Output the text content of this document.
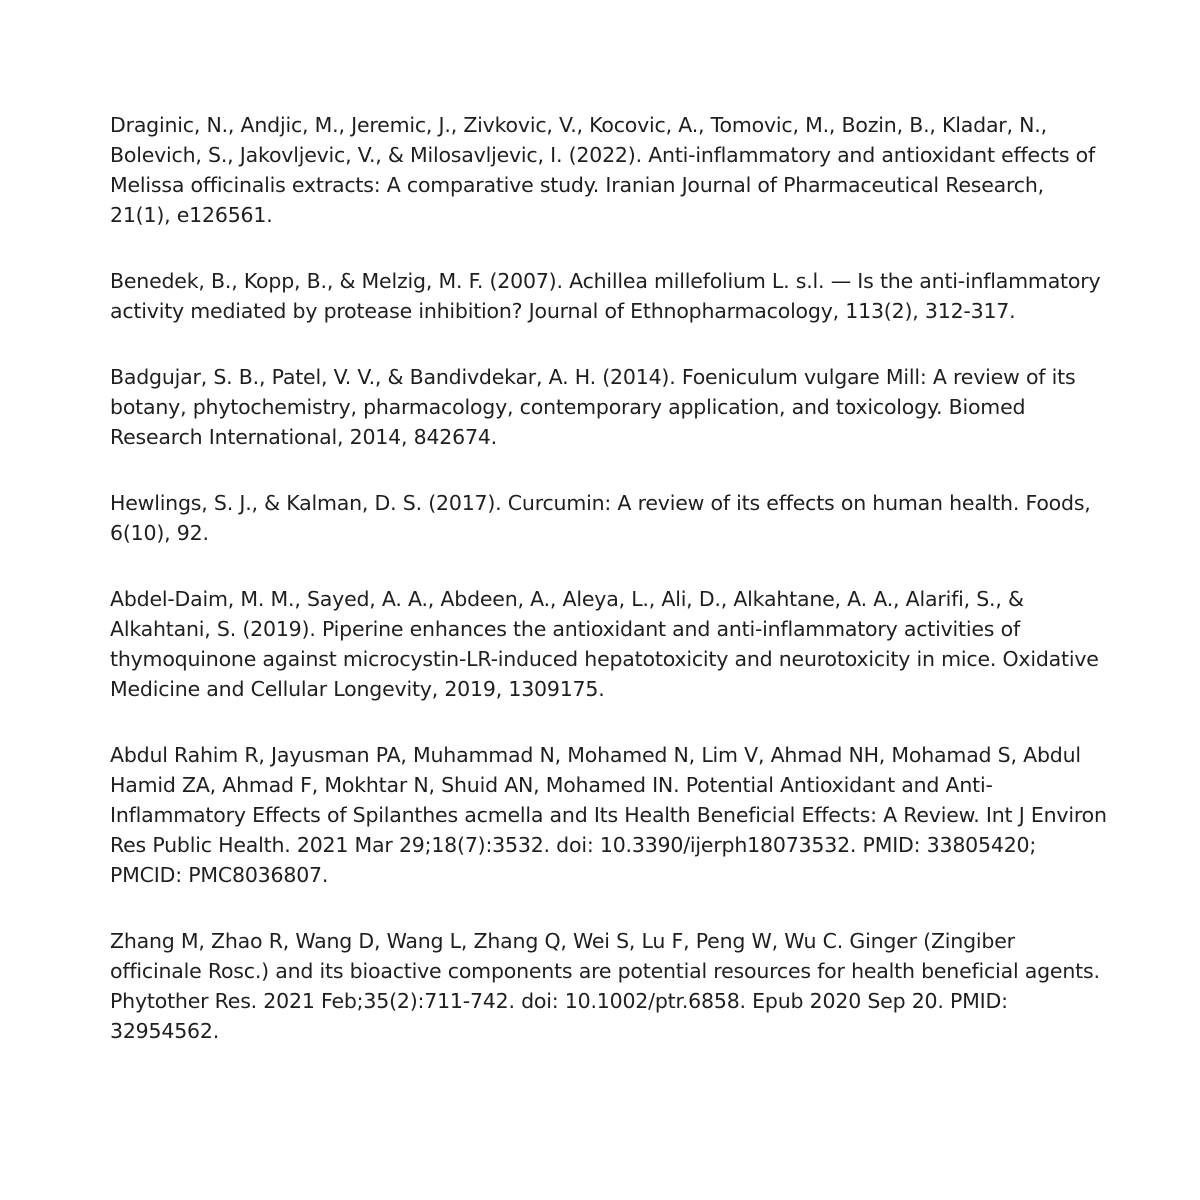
Draginic, N., Andjic, M., Jeremic, J., Zivkovic, V., Kocovic, A., Tomovic, M., Bozin, B., Kladar, N., Bolevich, S., Jakovljevic, V., & Milosavljevic, I. (2022). Anti-inflammatory and antioxidant effects of Melissa officinalis extracts: A comparative study. Iranian Journal of Pharmaceutical Research, 21(1), e126561.

Benedek, B., Kopp, B., & Melzig, M. F. (2007). Achillea millefolium L. s.l. — Is the anti-inflammatory activity mediated by protease inhibition? Journal of Ethnopharmacology, 113(2), 312-317.

Badgujar, S. B., Patel, V. V., & Bandivdekar, A. H. (2014). Foeniculum vulgare Mill: A review of its botany, phytochemistry, pharmacology, contemporary application, and toxicology. Biomed Research International, 2014, 842674.

Hewlings, S. J., & Kalman, D. S. (2017). Curcumin: A review of its effects on human health. Foods, 6(10), 92.

Abdel-Daim, M. M., Sayed, A. A., Abdeen, A., Aleya, L., Ali, D., Alkahtane, A. A., Alarifi, S., & Alkahtani, S. (2019). Piperine enhances the antioxidant and anti-inflammatory activities of thymoquinone against microcystin-LR-induced hepatotoxicity and neurotoxicity in mice. Oxidative Medicine and Cellular Longevity, 2019, 1309175.

Abdul Rahim R, Jayusman PA, Muhammad N, Mohamed N, Lim V, Ahmad NH, Mohamad S, Abdul Hamid ZA, Ahmad F, Mokhtar N, Shuid AN, Mohamed IN. Potential Antioxidant and Anti-Inflammatory Effects of Spilanthes acmella and Its Health Beneficial Effects: A Review. Int J Environ Res Public Health. 2021 Mar 29;18(7):3532. doi: 10.3390/ijerph18073532. PMID: 33805420; PMCID: PMC8036807.

Zhang M, Zhao R, Wang D, Wang L, Zhang Q, Wei S, Lu F, Peng W, Wu C. Ginger (Zingiber officinale Rosc.) and its bioactive components are potential resources for health beneficial agents. Phytother Res. 2021 Feb;35(2):711-742. doi: 10.1002/ptr.6858. Epub 2020 Sep 20. PMID: 32954562.
